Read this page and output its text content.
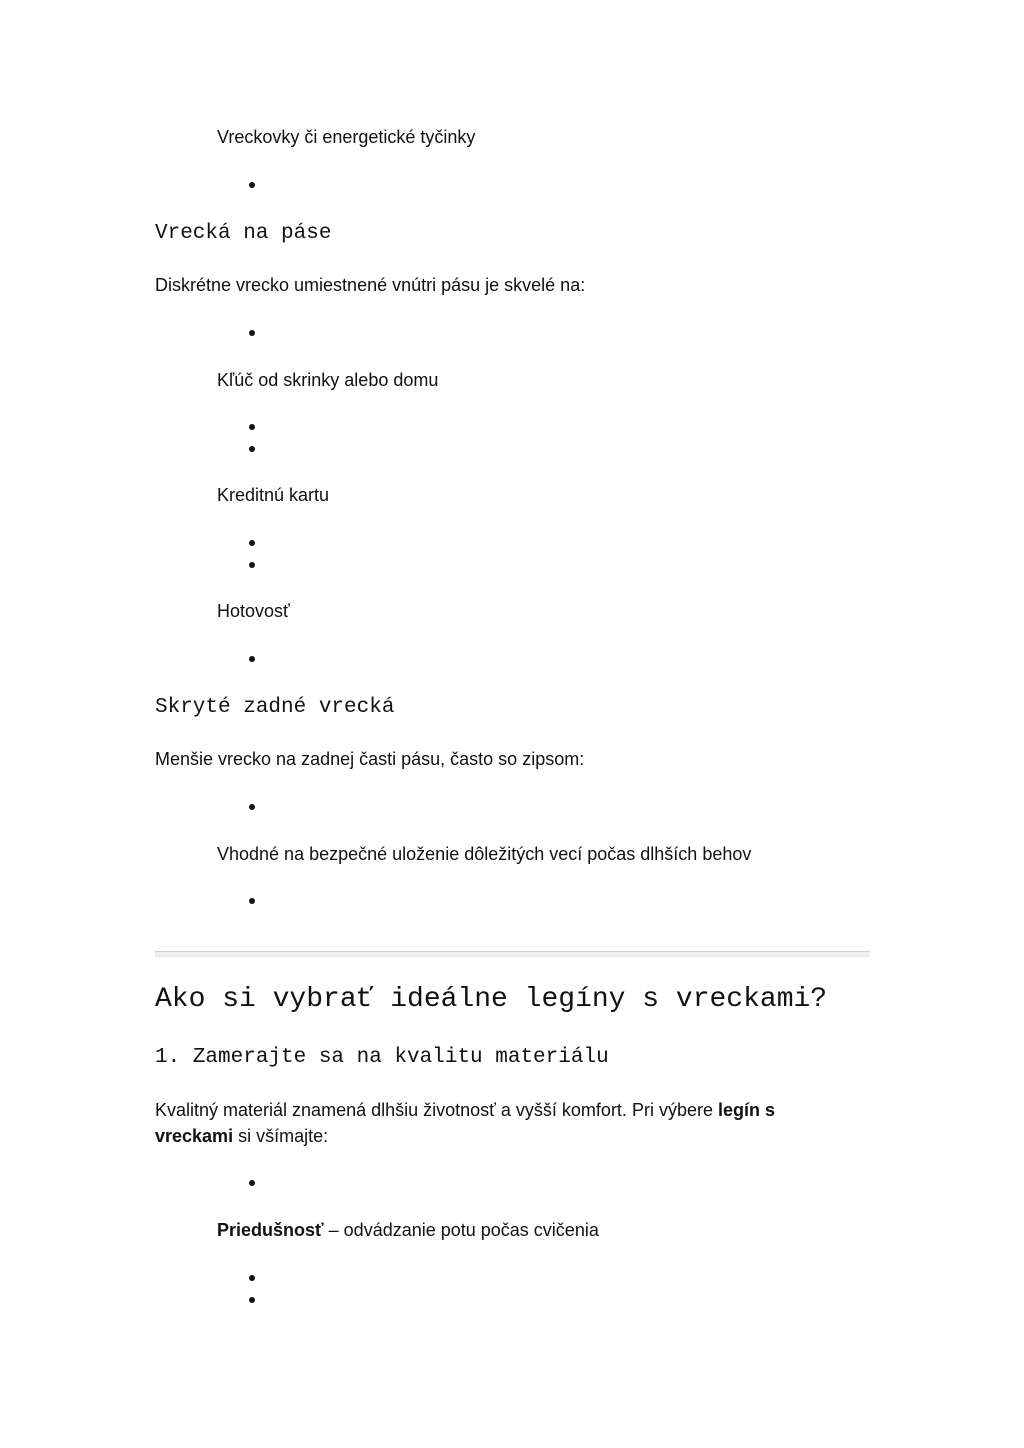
Vreckovky či energetické tyčinky
Vrecká na páse
Diskrétne vrecko umiestnené vnútri pásu je skvelé na:
Kľúč od skrinky alebo domu
Kreditnú kartu
Hotovosť
Skryté zadné vrecká
Menšie vrecko na zadnej časti pásu, často so zipsom:
Vhodné na bezpečné uloženie dôležitých vecí počas dlhších behov
Ako si vybrať ideálne legíny s vreckami?
1. Zamerajte sa na kvalitu materiálu
Kvalitný materiál znamená dlhšiu životnosť a vyšší komfort. Pri výbere legín s vreckami si všímajte:
Priedušnosť – odvádzanie potu počas cvičenia
